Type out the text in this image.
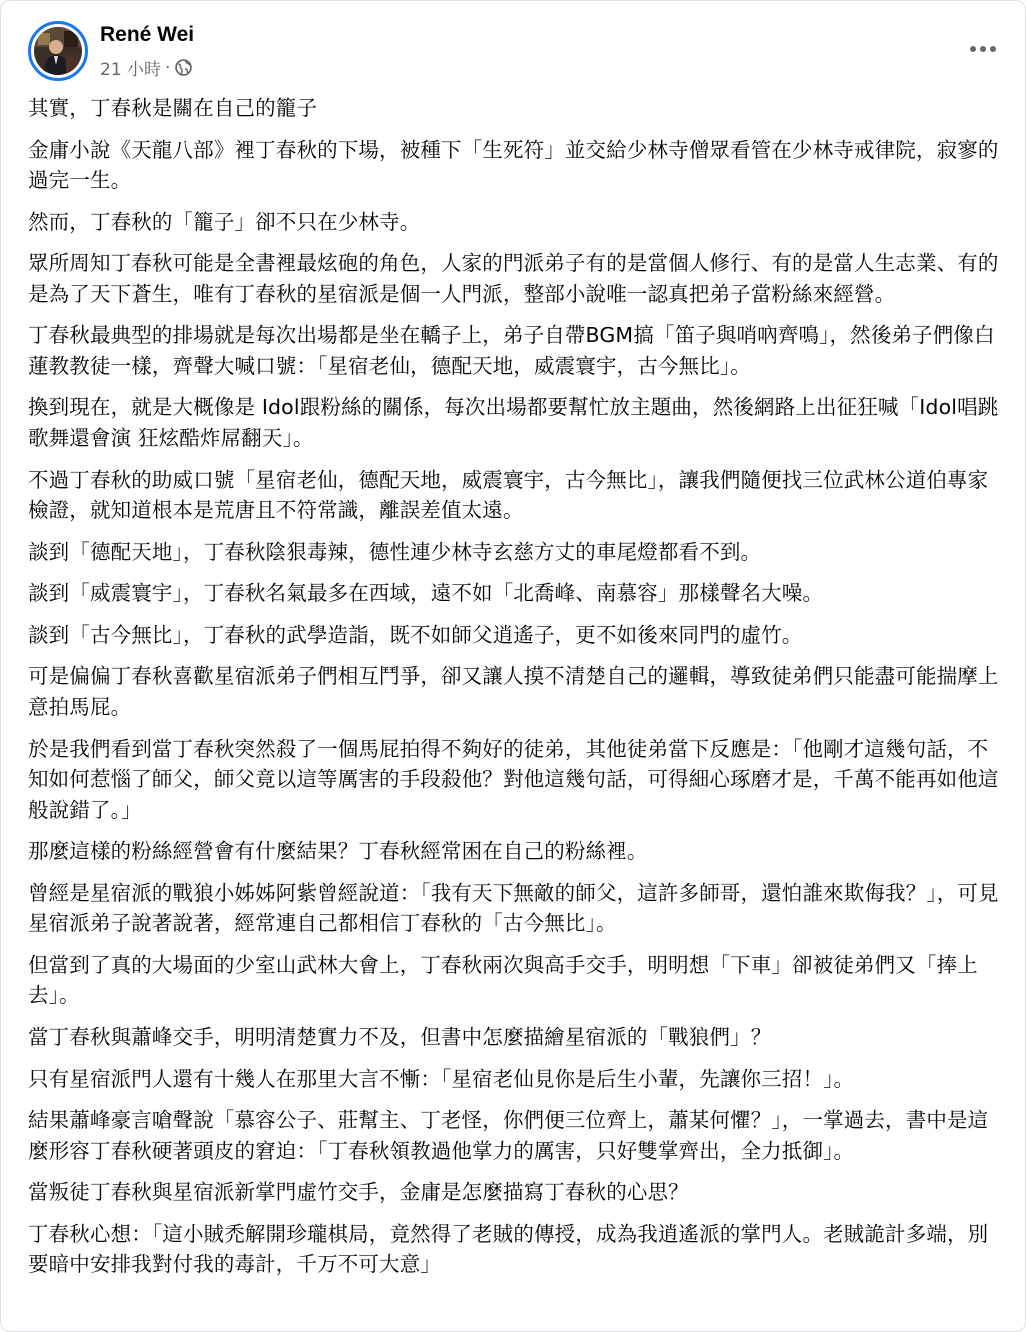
René Wei
21 小時 ·

其實，丁春秋是關在自己的籠子

金庸小說《天龍八部》裡丁春秋的下場，被種下「生死符」並交給少林寺僧眾看管在少林寺戒律院，寂寥的過完一生。

然而，丁春秋的「籠子」卻不只在少林寺。

眾所周知丁春秋可能是全書裡最炫砲的角色，人家的門派弟子有的是當個人修行、有的是當人生志業、有的是為了天下蒼生，唯有丁春秋的星宿派是個一人門派，整部小說唯一認真把弟子當粉絲來經營。

丁春秋最典型的排場就是每次出場都是坐在轎子上，弟子自帶BGM搞「笛子與哨吶齊鳴」，然後弟子們像白蓮教教徒一樣，齊聲大喊口號：「星宿老仙，德配天地，威震寰宇，古今無比」。

換到現在，就是大概像是 Idol跟粉絲的關係，每次出場都要幫忙放主題曲，然後網路上出征狂喊「Idol唱跳歌舞還會演 狂炫酷炸屌翻天」。

不過丁春秋的助威口號「星宿老仙，德配天地，威震寰宇，古今無比」，讓我們隨便找三位武林公道伯專家檢證，就知道根本是荒唐且不符常識，離誤差值太遠。

談到「德配天地」，丁春秋陰狠毒辣，德性連少林寺玄慈方丈的車尾燈都看不到。

談到「威震寰宇」，丁春秋名氣最多在西域，遠不如「北喬峰、南慕容」那樣聲名大噪。

談到「古今無比」，丁春秋的武學造詣，既不如師父逍遙子，更不如後來同門的虛竹。

可是偏偏丁春秋喜歡星宿派弟子們相互鬥爭，卻又讓人摸不清楚自己的邏輯，導致徒弟們只能盡可能揣摩上意拍馬屁。

於是我們看到當丁春秋突然殺了一個馬屁拍得不夠好的徒弟，其他徒弟當下反應是：「他剛才這幾句話，不知如何惹惱了師父，師父竟以這等厲害的手段殺他？對他這幾句話，可得細心琢磨才是，千萬不能再如他這般說錯了。」

那麼這樣的粉絲經營會有什麼結果？丁春秋經常困在自己的粉絲裡。

曾經是星宿派的戰狼小姊姊阿紫曾經說道：「我有天下無敵的師父，這許多師哥，還怕誰來欺侮我？」，可見星宿派弟子說著說著，經常連自己都相信丁春秋的「古今無比」。

但當到了真的大場面的少室山武林大會上，丁春秋兩次與高手交手，明明想「下車」卻被徒弟們又「捧上去」。

當丁春秋與蕭峰交手，明明清楚實力不及，但書中怎麼描繪星宿派的「戰狼們」？

只有星宿派門人還有十幾人在那里大言不慚：「星宿老仙見你是后生小輩，先讓你三招！」。

結果蕭峰豪言嗆聲說「慕容公子、莊幫主、丁老怪，你們便三位齊上，蕭某何懼？」，一掌過去，書中是這麼形容丁春秋硬著頭皮的窘迫：「丁春秋領教過他掌力的厲害，只好雙掌齊出，全力抵御」。

當叛徒丁春秋與星宿派新掌門虛竹交手，金庸是怎麼描寫丁春秋的心思？

丁春秋心想：「這小賊禿解開珍瓏棋局，竟然得了老賊的傳授，成為我逍遙派的掌門人。老賊詭計多端，別要暗中安排我對付我的毒計，千万不可大意」
